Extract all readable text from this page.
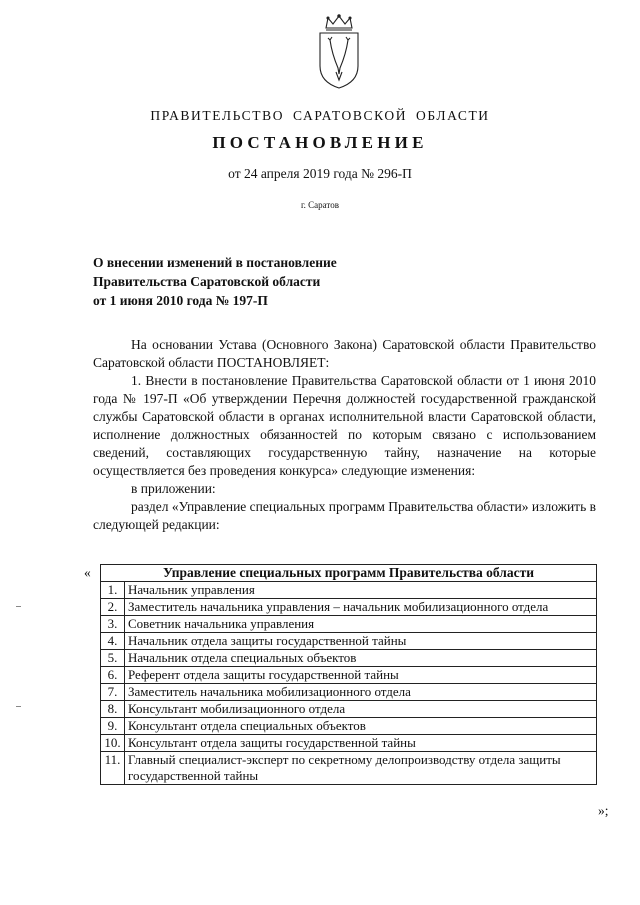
ПРАВИТЕЛЬСТВО САРАТОВСКОЙ ОБЛАСТИ
ПОСТАНОВЛЕНИЕ
от 24 апреля 2019 года № 296-П
г. Саратов
О внесении изменений в постановление
Правительства Саратовской области
от 1 июня 2010 года № 197-П

На основании Устава (Основного Закона) Саратовской области Правительство Саратовской области ПОСТАНОВЛЯЕТ:

1. Внести в постановление Правительства Саратовской области от 1 июня 2010 года № 197-П «Об утверждении Перечня должностей государственной гражданской службы Саратовской области в органах исполнительной власти Саратовской области, исполнение должностных обязанностей по которым связано с использованием сведений, составляющих государственную тайну, назначение на которые осуществляется без проведения конкурса» следующие изменения:

в приложении:

раздел «Управление специальных программ Правительства области» изложить в следующей редакции:

«	Управление специальных программ Правительства области	
1.	Начальник управления
2.	Заместитель начальника управления – начальник мобилизационного отдела
3.	Советник начальника управления
4.	Начальник отдела защиты государственной тайны
5.	Начальник отдела специальных объектов
6.	Референт отдела защиты государственной тайны
7.	Заместитель начальника мобилизационного отдела
8.	Консультант мобилизационного отдела
9.	Консультант отдела специальных объектов
10.	Консультант отдела защиты государственной тайны
11.	Главный специалист-эксперт по секретному делопроизводству отдела защиты государственной тайны
»;
